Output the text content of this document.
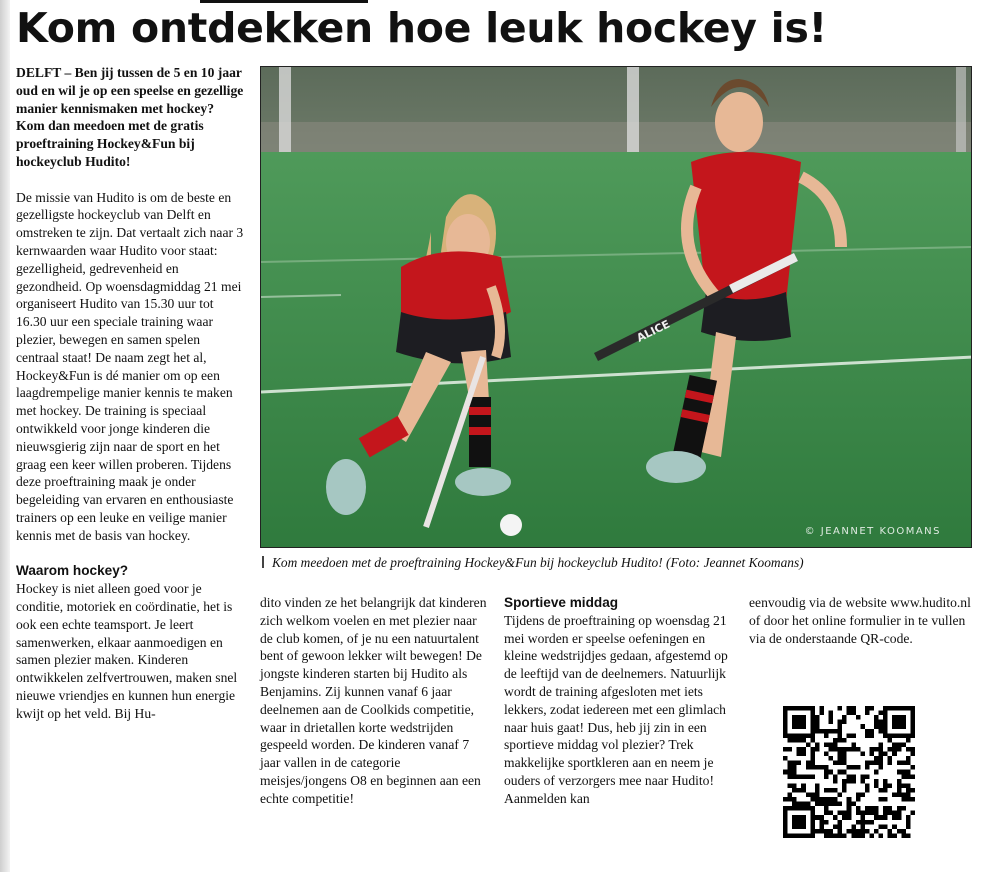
Kom ontdekken hoe leuk hockey is!

DELFT – Ben jij tussen de 5 en 10 jaar oud en wil je op een speelse en gezellige manier kennismaken met hockey? Kom dan meedoen met de gratis proeftraining Hockey&Fun bij hockeyclub Hudito!

De missie van Hudito is om de beste en gezelligste hockeyclub van Delft en omstreken te zijn. Dat vertaalt zich naar 3 kernwaarden waar Hudito voor staat: gezelligheid, gedrevenheid en gezondheid. Op woensdagmiddag 21 mei organiseert Hudito van 15.30 uur tot 16.30 uur een speciale training waar plezier, bewegen en samen spelen centraal staat! De naam zegt het al, Hockey&Fun is dé manier om op een laagdrempelige manier kennis te maken met hockey. De training is speciaal ontwikkeld voor jonge kinderen die nieuwsgierig zijn naar de sport en het graag een keer willen proberen. Tijdens deze proeftraining maak je onder begeleiding van ervaren en enthousiaste trainers op een leuke en veilige manier kennis met de basis van hockey.

Waarom hockey?

Hockey is niet alleen goed voor je conditie, motoriek en coördinatie, het is ook een echte teamsport. Je leert samenwerken, elkaar aanmoedigen en samen plezier maken. Kinderen ontwikkelen zelfvertrouwen, maken snel nieuwe vriendjes en kunnen hun energie kwijt op het veld. Bij Hu-

ALICE
© JEANNET KOOMANS
Kom meedoen met de proeftraining Hockey&Fun bij hockeyclub Hudito! (Foto: Jeannet Koomans)

dito vinden ze het belangrijk dat kinderen zich welkom voelen en met plezier naar de club komen, of je nu een natuurtalent bent of gewoon lekker wilt bewegen! De jongste kinderen starten bij Hudito als Benjamins. Zij kunnen vanaf 6 jaar deelnemen aan de Coolkids competitie, waar in drietallen korte wedstrijden gespeeld worden. De kinderen vanaf 7 jaar vallen in de categorie meisjes/jongens O8 en beginnen aan een echte competitie!

Sportieve middag

Tijdens de proeftraining op woensdag 21 mei worden er speelse oefeningen en kleine wedstrijdjes gedaan, afgestemd op de leeftijd van de deelnemers. Natuurlijk wordt de training afgesloten met iets lekkers, zodat iedereen met een glimlach naar huis gaat! Dus, heb jij zin in een sportieve middag vol plezier? Trek makkelijke sportkleren aan en neem je ouders of verzorgers mee naar Hudito! Aanmelden kan

eenvoudig via de website www.hudito.nl of door het online formulier in te vullen via de onderstaande QR-code.
